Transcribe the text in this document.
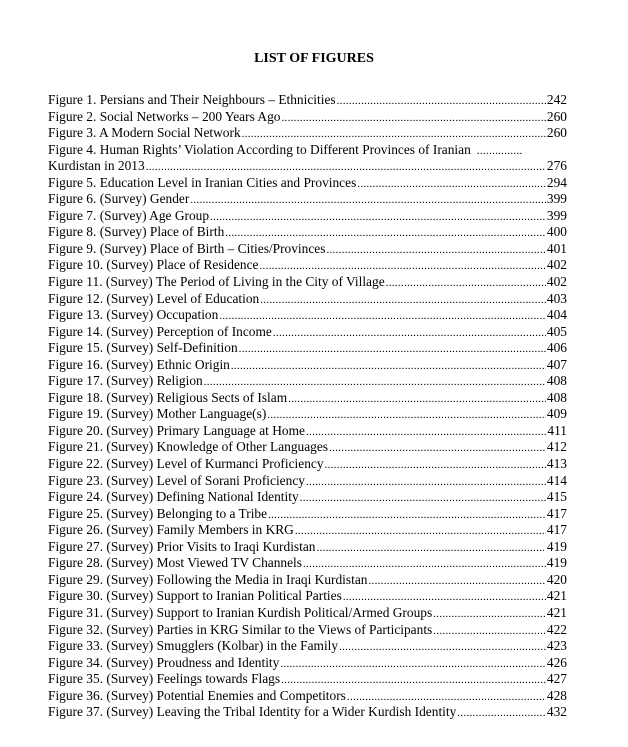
LIST OF FIGURES
Figure 1. Persians and Their Neighbours – Ethnicities .....	242
Figure 2. Social Networks – 200 Years Ago .....	260
Figure 3. A Modern Social Network .....	260
Figure 4. Human Rights’ Violation According to Different Provinces of Iranian ...............
Kurdistan in 2013 .....	276
Figure 5. Education Level in Iranian Cities and Provinces .....	294
Figure 6. (Survey) Gender .....	399
Figure 7. (Survey) Age Group .....	399
Figure 8. (Survey) Place of Birth .....	400
Figure 9. (Survey) Place of Birth – Cities/Provinces .....	401
Figure 10. (Survey) Place of Residence .....	402
Figure 11. (Survey) The Period of Living in the City of Village .....	402
Figure 12. (Survey) Level of Education .....	403
Figure 13. (Survey) Occupation .....	404
Figure 14. (Survey) Perception of Income .....	405
Figure 15. (Survey) Self-Definition .....	406
Figure 16. (Survey) Ethnic Origin .....	407
Figure 17. (Survey) Religion .....	408
Figure 18. (Survey) Religious Sects of Islam .....	408
Figure 19. (Survey) Mother Language(s) .....	409
Figure 20. (Survey) Primary Language at Home .....	411
Figure 21. (Survey) Knowledge of Other Languages .....	412
Figure 22. (Survey) Level of Kurmanci Proficiency .....	413
Figure 23. (Survey) Level of Sorani Proficiency .....	414
Figure 24. (Survey) Defining National Identity .....	415
Figure 25. (Survey) Belonging to a Tribe .....	417
Figure 26. (Survey) Family Members in KRG .....	417
Figure 27. (Survey) Prior Visits to Iraqi Kurdistan .....	419
Figure 28. (Survey) Most Viewed TV Channels .....	419
Figure 29. (Survey) Following the Media in Iraqi Kurdistan .....	420
Figure 30. (Survey) Support to Iranian Political Parties .....	421
Figure 31. (Survey) Support to Iranian Kurdish Political/Armed Groups .....	421
Figure 32. (Survey) Parties in KRG Similar to the Views of Participants .....	422
Figure 33. (Survey) Smugglers (Kolbar) in the Family .....	423
Figure 34. (Survey) Proudness and Identity .....	426
Figure 35. (Survey) Feelings towards Flags .....	427
Figure 36. (Survey) Potential Enemies and Competitors .....	428
Figure 37. (Survey) Leaving the Tribal Identity for a Wider Kurdish Identity .....	432
